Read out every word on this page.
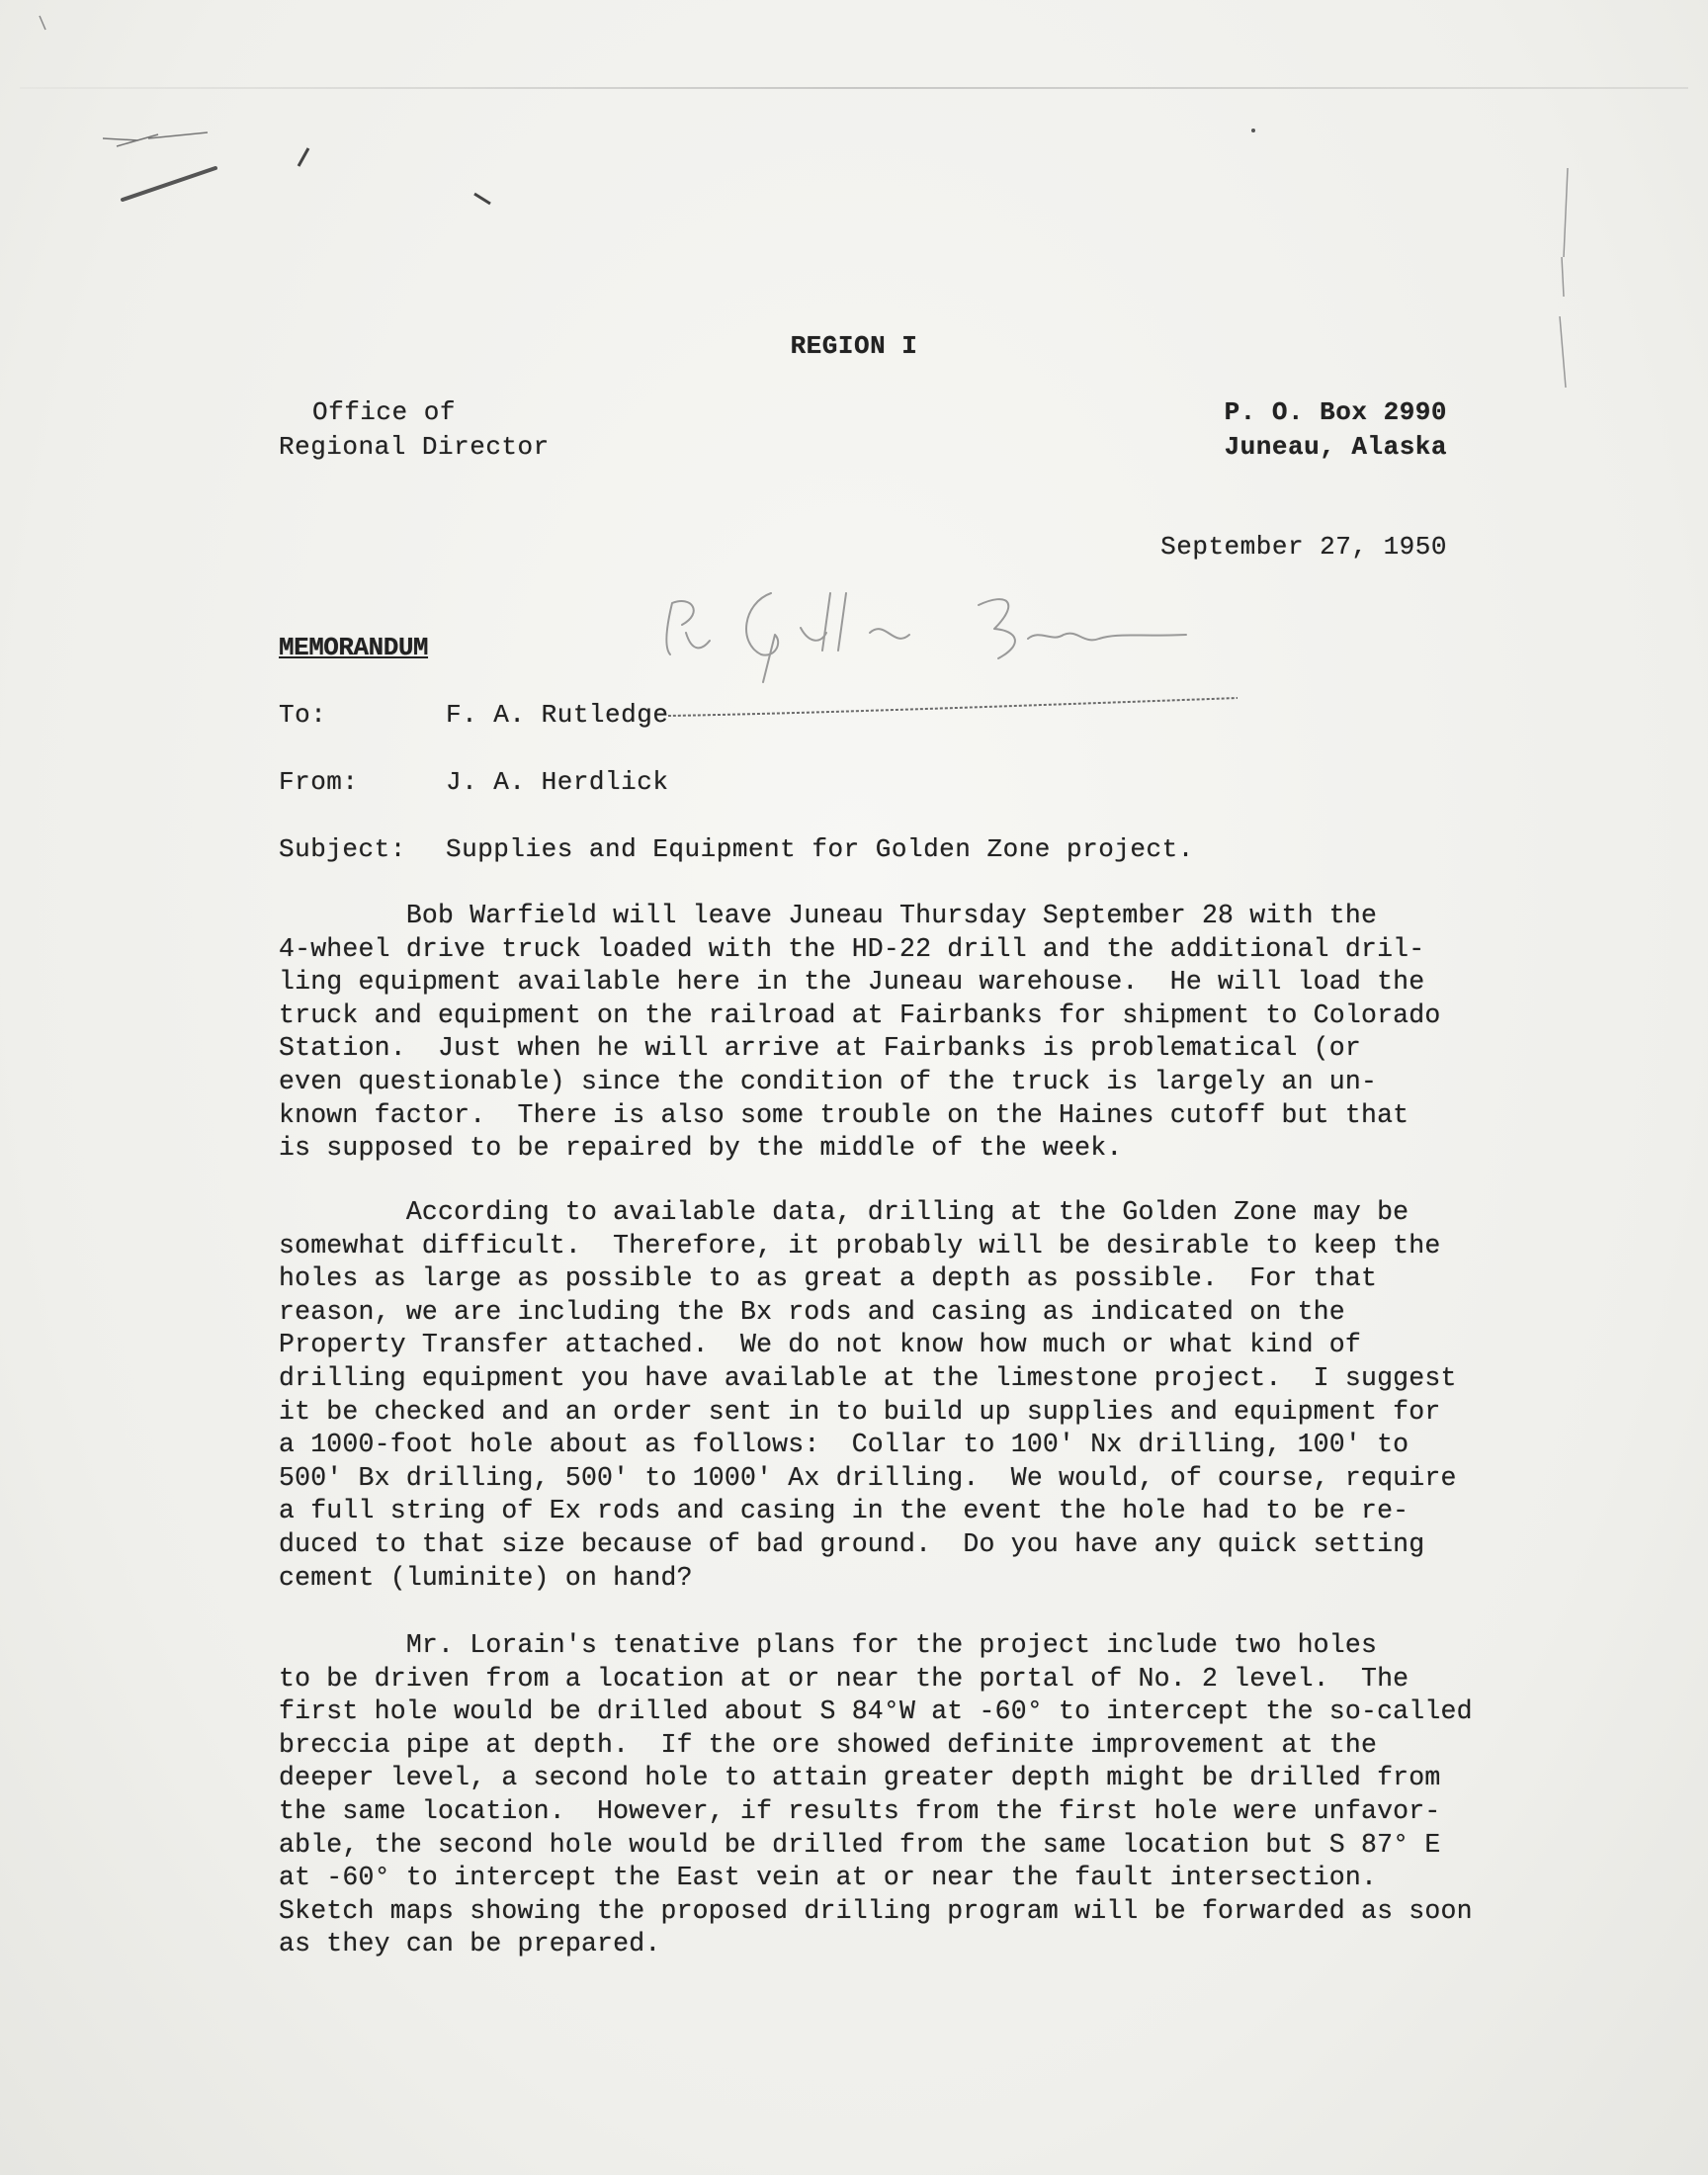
REGION I
Office of
Regional Director
P. O. Box 2990
Juneau, Alaska
September 27, 1950
MEMORANDUM
To:	F. A. Rutledge
From:	J. A. Herdlick
Subject: Supplies and Equipment for Golden Zone project.
Bob Warfield will leave Juneau Thursday September 28 with the
4-wheel drive truck loaded with the HD-22 drill and the additional dril-
ling equipment available here in the Juneau warehouse.  He will load the
truck and equipment on the railroad at Fairbanks for shipment to Colorado
Station.  Just when he will arrive at Fairbanks is problematical (or
even questionable) since the condition of the truck is largely an un-
known factor.  There is also some trouble on the Haines cutoff but that
is supposed to be repaired by the middle of the week.
According to available data, drilling at the Golden Zone may be
somewhat difficult.  Therefore, it probably will be desirable to keep the
holes as large as possible to as great a depth as possible.  For that
reason, we are including the Bx rods and casing as indicated on the
Property Transfer attached.  We do not know how much or what kind of
drilling equipment you have available at the limestone project.  I suggest
it be checked and an order sent in to build up supplies and equipment for
a 1000-foot hole about as follows:  Collar to 100' Nx drilling, 100' to
500' Bx drilling, 500' to 1000' Ax drilling.  We would, of course, require
a full string of Ex rods and casing in the event the hole had to be re-
duced to that size because of bad ground.  Do you have any quick setting
cement (luminite) on hand?
Mr. Lorain's tenative plans for the project include two holes
to be driven from a location at or near the portal of No. 2 level.  The
first hole would be drilled about S 84°W at -60° to intercept the so-called
breccia pipe at depth.  If the ore showed definite improvement at the
deeper level, a second hole to attain greater depth might be drilled from
the same location.  However, if results from the first hole were unfavor-
able, the second hole would be drilled from the same location but S 87° E
at -60° to intercept the East vein at or near the fault intersection.
Sketch maps showing the proposed drilling program will be forwarded as soon
as they can be prepared.
